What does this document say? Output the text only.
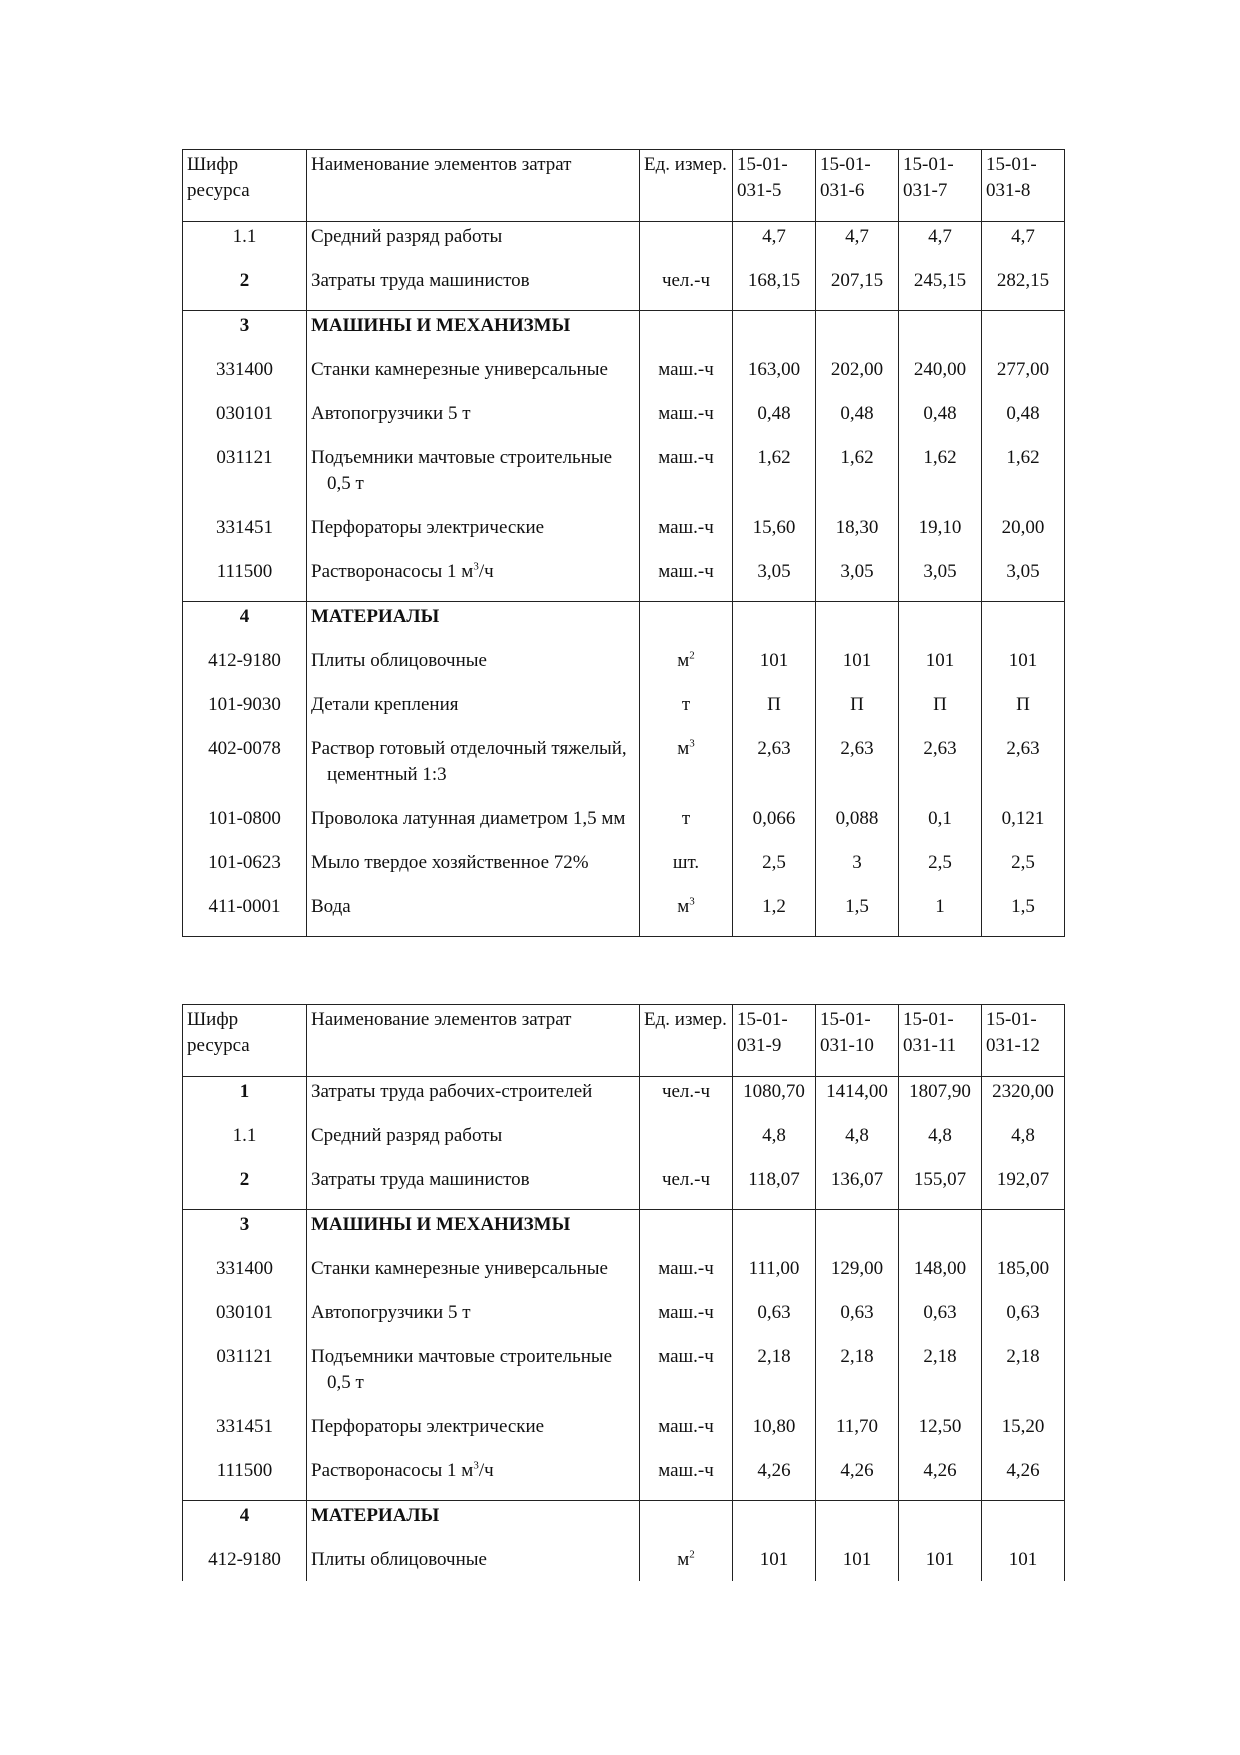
Шифр ресурса	Наименование элементов затрат	Ед. измер.	15-01-031-5	15-01-031-6	15-01-031-7	15-01-031-8
1.1	Средний разряд работы		4,7	4,7	4,7	4,7
2	Затраты труда машинистов	чел.-ч	168,15	207,15	245,15	282,15
3	МАШИНЫ И МЕХАНИЗМЫ					
331400	Станки камнерезные универсальные	маш.-ч	163,00	202,00	240,00	277,00
030101	Автопогрузчики 5 т	маш.-ч	0,48	0,48	0,48	0,48
031121	Подъемники мачтовые строительные 0,5 т	маш.-ч	1,62	1,62	1,62	1,62
331451	Перфораторы электрические	маш.-ч	15,60	18,30	19,10	20,00
111500	Растворонасосы 1 $м^3/ч$	маш.-ч	3,05	3,05	3,05	3,05
4	МАТЕРИАЛЫ					
412-9180	Плиты облицовочные	$м^2$	101	101	101	101
101-9030	Детали крепления	т	П	П	П	П
402-0078	Раствор готовый отделочный тяжелый, цементный 1:3	$м^3$	2,63	2,63	2,63	2,63
101-0800	Проволока латунная диаметром 1,5 мм	т	0,066	0,088	0,1	0,121
101-0623	Мыло твердое хозяйственное 72%	шт.	2,5	3	2,5	2,5
411-0001	Вода	$м^3$	1,2	1,5	1	1,5
Шифр ресурса	Наименование элементов затрат	Ед. измер.	15-01-031-9	15-01-031-10	15-01-031-11	15-01-031-12
1	Затраты труда рабочих-строителей	чел.-ч	1080,70	1414,00	1807,90	2320,00
1.1	Средний разряд работы		4,8	4,8	4,8	4,8
2	Затраты труда машинистов	чел.-ч	118,07	136,07	155,07	192,07
3	МАШИНЫ И МЕХАНИЗМЫ					
331400	Станки камнерезные универсальные	маш.-ч	111,00	129,00	148,00	185,00
030101	Автопогрузчики 5 т	маш.-ч	0,63	0,63	0,63	0,63
031121	Подъемники мачтовые строительные 0,5 т	маш.-ч	2,18	2,18	2,18	2,18
331451	Перфораторы электрические	маш.-ч	10,80	11,70	12,50	15,20
111500	Растворонасосы 1 $м^3/ч$	маш.-ч	4,26	4,26	4,26	4,26
4	МАТЕРИАЛЫ					
412-9180	Плиты облицовочные	$м^2$	101	101	101	101
